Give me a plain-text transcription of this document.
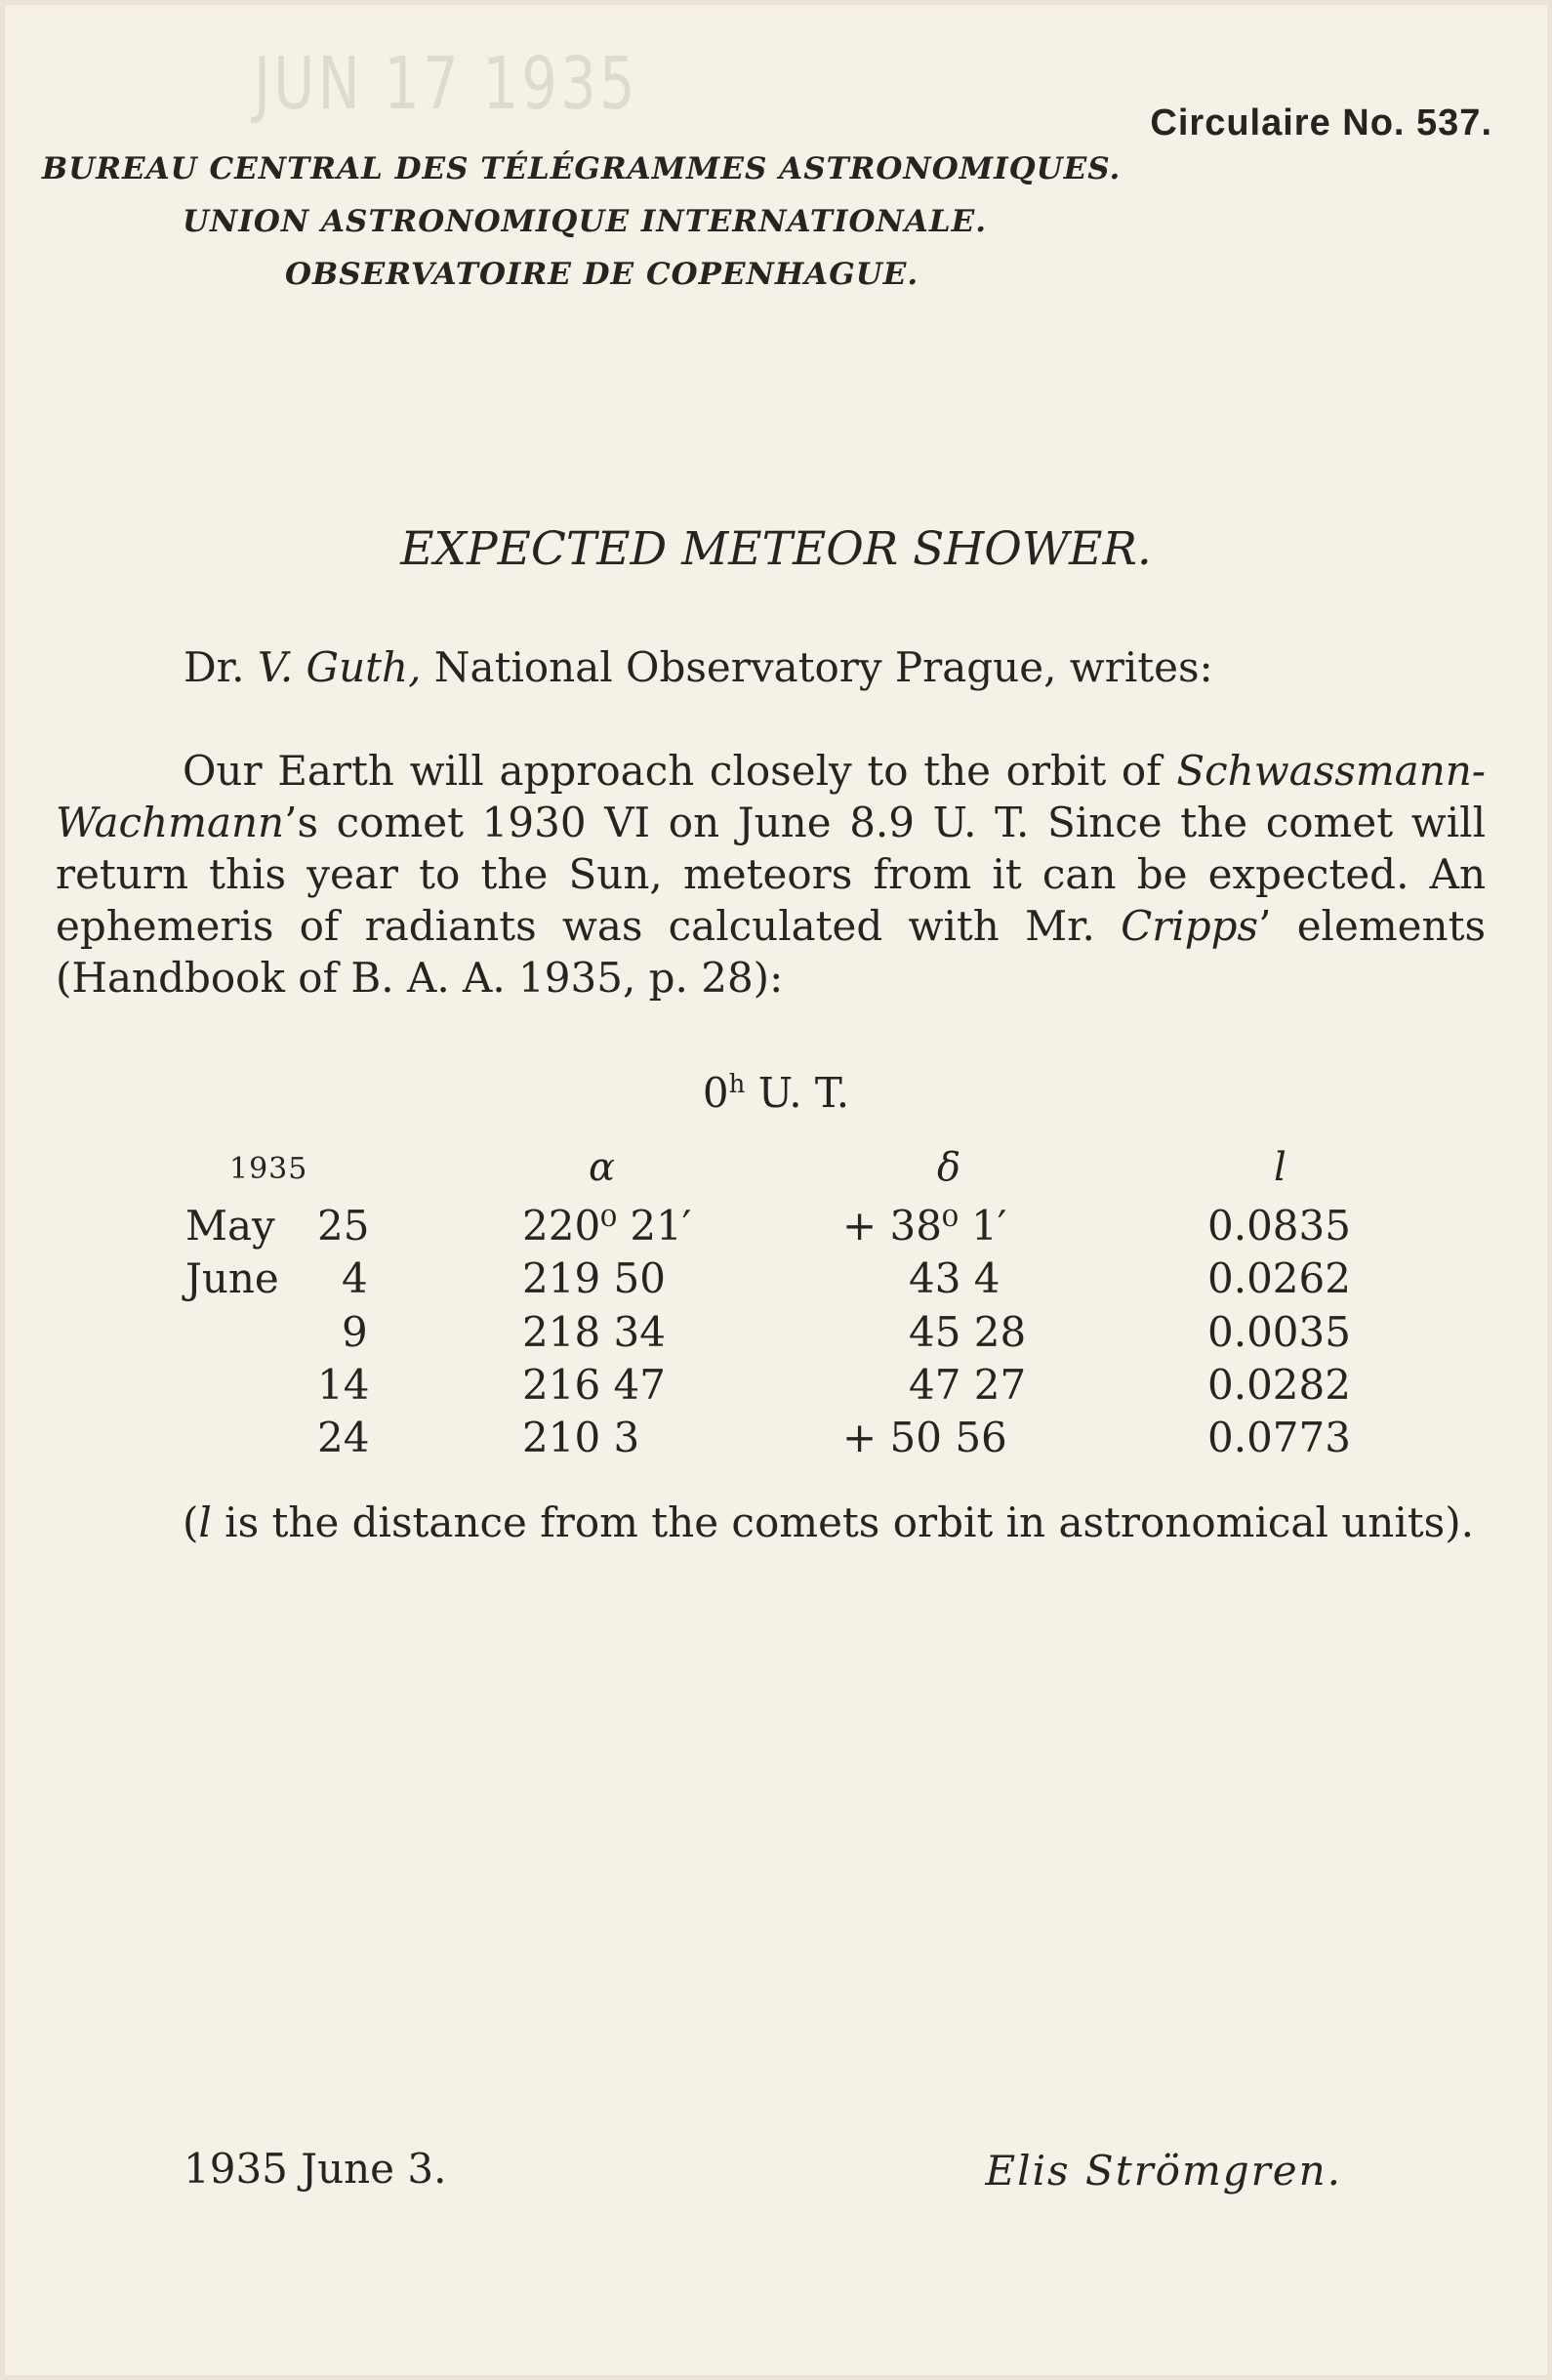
JUN 17 1935	Circulaire No. 537.
BUREAU CENTRAL DES TÉLÉGRAMMES ASTRONOMIQUES.
UNION ASTRONOMIQUE INTERNATIONALE.
OBSERVATOIRE DE COPENHAGUE.
EXPECTED METEOR SHOWER.
Dr. V. Guth, National Observatory Prague, writes:

Our Earth will approach closely to the orbit of Schwassmann-Wachmann’s comet 1930 VI on June 8.9 U. T. Since the comet will return this year to the Sun, meteors from it can be expected. An ephemeris of radiants was calculated with Mr. Cripps’ elements (Handbook of B. A. A. 1935, p. 28):

0$^h$ U. T.
1935	α	δ	l
May 25	220⁰ 21′	+ 38⁰ 1′	0.0835
June 4	219 50	43 4	0.0262
9	218 34	45 28	0.0035
14	216 47	47 27	0.0282
24	210 3	+ 50 56	0.0773

(l is the distance from the comets orbit in astronomical units).

1935 June 3.	Elis Strömgren.
